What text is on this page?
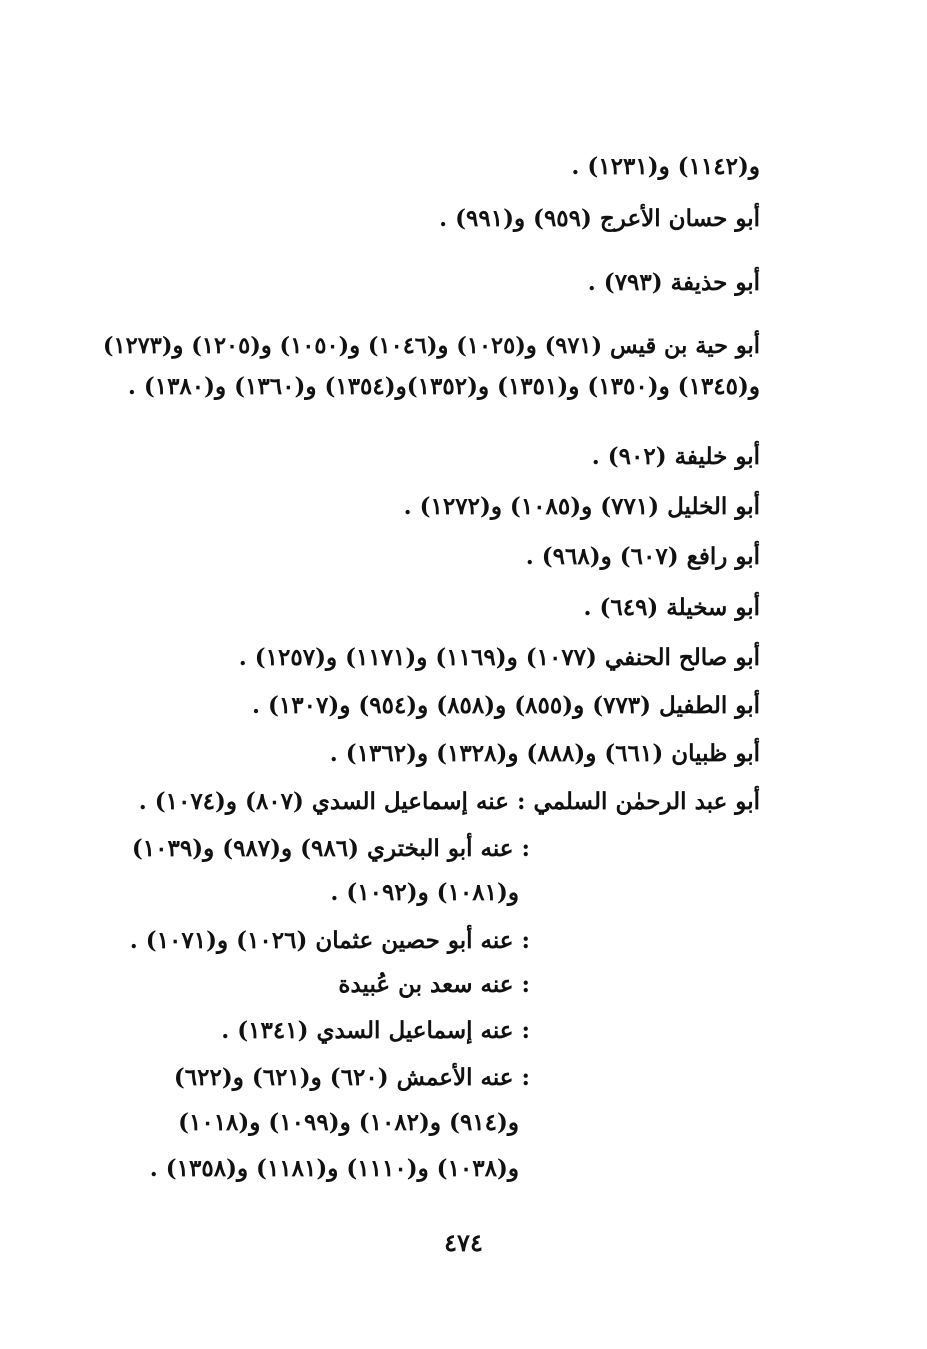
و(١١٤٢) و(١٢٣١) .
أبو حسان الأعرج (٩٥٩) و(٩٩١) .
أبو حذيفة (٧٩٣) .
أبو حية بن قيس (٩٧١) و(١٠٢٥) و(١٠٤٦) و(١٠٥٠) و(١٢٠٥) و(١٢٧٣)
و(١٣٤٥) و(١٣٥٠) و(١٣٥١) و(١٣٥٢)و(١٣٥٤) و(١٣٦٠) و(١٣٨٠) .
أبو خليفة (٩٠٢) .
أبو الخليل (٧٧١) و(١٠٨٥) و(١٢٧٢) .
أبو رافع (٦٠٧) و(٩٦٨) .
أبو سخيلة (٦٤٩) .
أبو صالح الحنفي (١٠٧٧) و(١١٦٩) و(١١٧١) و(١٢٥٧) .
أبو الطفيل (٧٧٣) و(٨٥٥) و(٨٥٨) و(٩٥٤) و(١٣٠٧) .
أبو ظبيان (٦٦١) و(٨٨٨) و(١٣٢٨) و(١٣٦٢) .
أبو عبد الرحمٰن السلمي : عنه إسماعيل السدي (٨٠٧) و(١٠٧٤) .
: عنه أبو البختري (٩٨٦) و(٩٨٧) و(١٠٣٩)
و(١٠٨١) و(١٠٩٢) .
: عنه أبو حصين عثمان (١٠٢٦) و(١٠٧١) .
: عنه سعد بن عُبيدة
: عنه إسماعيل السدي (١٣٤١) .
: عنه الأعمش (٦٢٠) و(٦٢١) و(٦٢٢)
و(٩١٤) و(١٠٨٢) و(١٠٩٩) و(١٠١٨)
و(١٠٣٨) و(١١١٠) و(١١٨١) و(١٣٥٨) .
٤٧٤
